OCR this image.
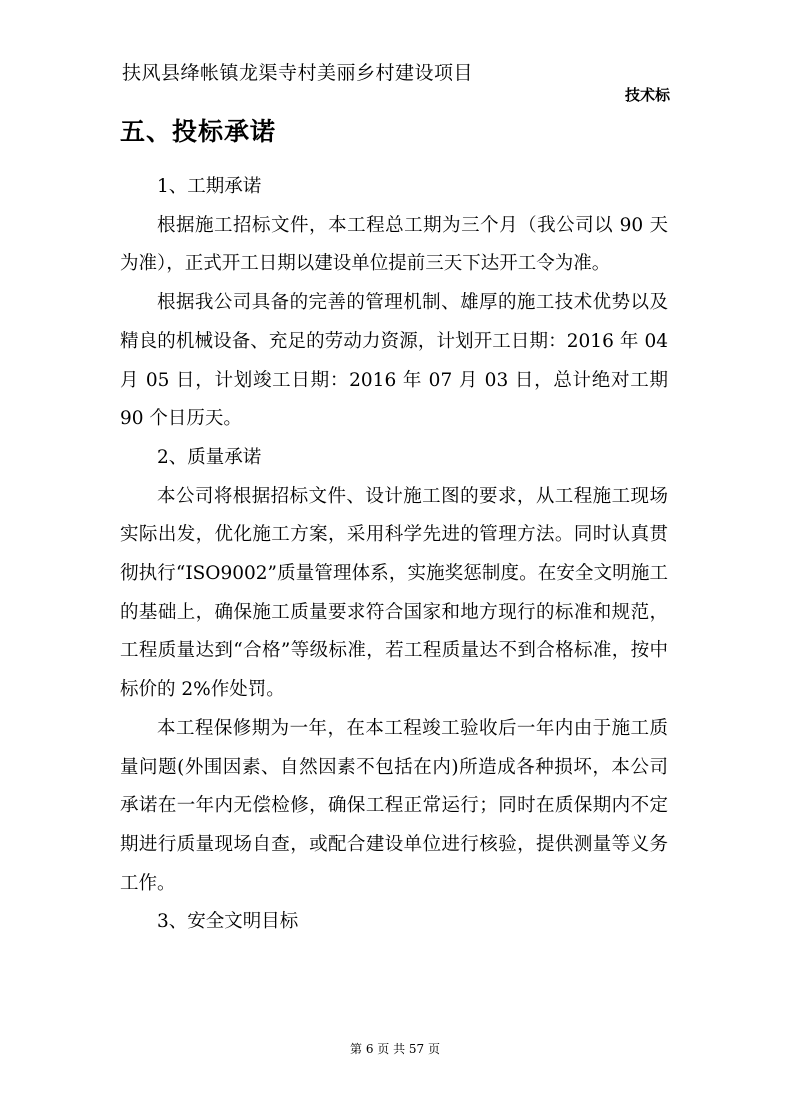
扶风县绛帐镇龙渠寺村美丽乡村建设项目
技术标
五、投标承诺

1、工期承诺

根据施工招标文件，本工程总工期为三个月（我公司以 90 天为准），正式开工日期以建设单位提前三天下达开工令为准。

根据我公司具备的完善的管理机制、雄厚的施工技术优势以及精良的机械设备、充足的劳动力资源，计划开工日期：2016 年 04 月 05 日，计划竣工日期：2016 年 07 月 03 日，总计绝对工期 90 个日历天。

2、质量承诺

本公司将根据招标文件、设计施工图的要求，从工程施工现场实际出发，优化施工方案，采用科学先进的管理方法。同时认真贯彻执行“ISO9002”质量管理体系，实施奖惩制度。在安全文明施工的基础上，确保施工质量要求符合国家和地方现行的标准和规范，工程质量达到“合格”等级标准，若工程质量达不到合格标准，按中标价的 2%作处罚。

本工程保修期为一年，在本工程竣工验收后一年内由于施工质量问题(外围因素、自然因素不包括在内)所造成各种损坏，本公司承诺在一年内无偿检修，确保工程正常运行；同时在质保期内不定期进行质量现场自查，或配合建设单位进行核验，提供测量等义务工作。

3、安全文明目标

第 6 页 共 57 页
